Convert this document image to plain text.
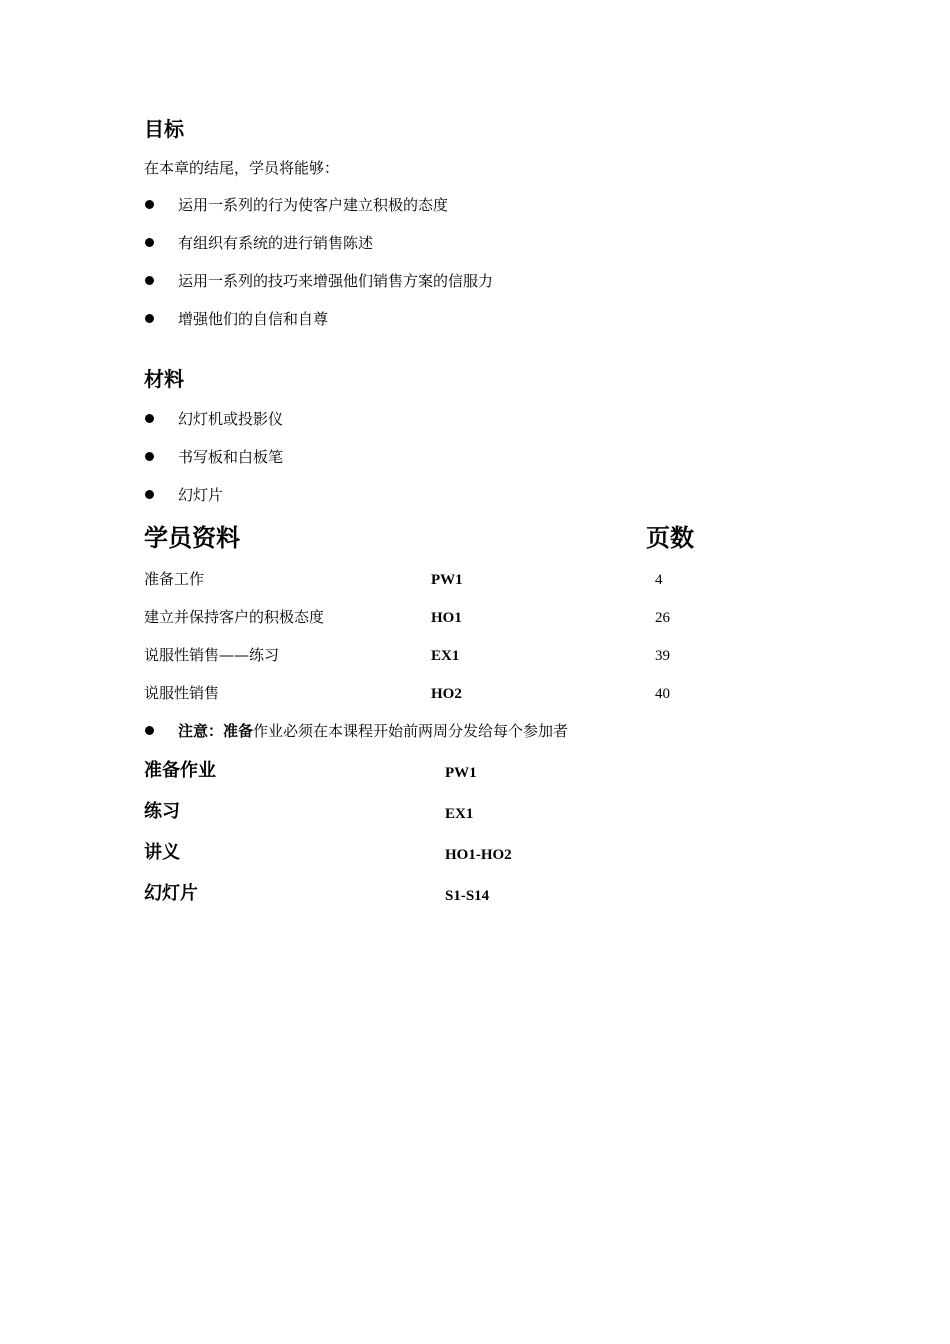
目标
在本章的结尾，学员将能够：
运用一系列的行为使客户建立积极的态度
有组织有系统的进行销售陈述
运用一系列的技巧来增强他们销售方案的信服力
增强他们的自信和自尊
材料
幻灯机或投影仪
书写板和白板笔
幻灯片
学员资料	页数
准备工作	PW1	4
建立并保持客户的积极态度	HO1	26
说服性销售——练习	EX1	39
说服性销售	HO2	40
注意：准备作业必须在本课程开始前两周分发给每个参加者
准备作业	PW1
练习	EX1
讲义	HO1-HO2
幻灯片	S1-S14
